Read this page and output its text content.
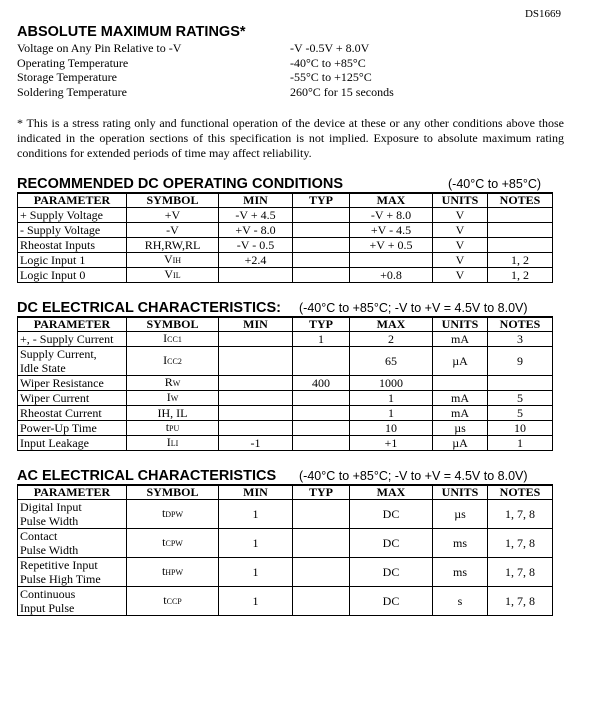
DS1669
ABSOLUTE MAXIMUM RATINGS*
Voltage on Any Pin Relative to -V	-V -0.5V + 8.0V
Operating Temperature	-40°C to +85°C
Storage Temperature	-55°C to +125°C
Soldering Temperature	260°C for 15 seconds
* This is a stress rating only and functional operation of the device at these or any other conditions above those indicated in the operation sections of this specification is not implied. Exposure to absolute maximum rating conditions for extended periods of time may affect reliability.
RECOMMENDED DC OPERATING CONDITIONS	(-40°C to +85°C)
PARAMETER	SYMBOL	MIN	TYP	MAX	UNITS	NOTES
+ Supply Voltage	+V	-V + 4.5		-V + 8.0	V	
- Supply Voltage	-V	+V - 8.0		+V - 4.5	V	
Rheostat Inputs	RH,RW,RL	-V - 0.5		+V + 0.5	V	
Logic Input 1	VIH	+2.4			V	1, 2
Logic Input 0	VIL			+0.8	V	1, 2
DC ELECTRICAL CHARACTERISTICS: (-40°C to +85°C; -V to +V = 4.5V to 8.0V)
PARAMETER	SYMBOL	MIN	TYP	MAX	UNITS	NOTES
+, - Supply Current	ICC1		1	2	mA	3
Supply Current,
Idle State	ICC2			65	µA	9
Wiper Resistance	RW		400	1000		
Wiper Current	IW			1	mA	5
Rheostat Current	IH, IL			1	mA	5
Power-Up Time	tPU			10	µs	10
Input Leakage	ILI	-1		+1	µA	1
AC ELECTRICAL CHARACTERISTICS (-40°C to +85°C; -V to +V = 4.5V to 8.0V)
PARAMETER	SYMBOL	MIN	TYP	MAX	UNITS	NOTES
Digital Input
Pulse Width	tDPW	1		DC	µs	1, 7, 8
Contact
Pulse Width	tCPW	1		DC	ms	1, 7, 8
Repetitive Input
Pulse High Time	tHPW	1		DC	ms	1, 7, 8
Continuous
Input Pulse	tCCP	1		DC	s	1, 7, 8
